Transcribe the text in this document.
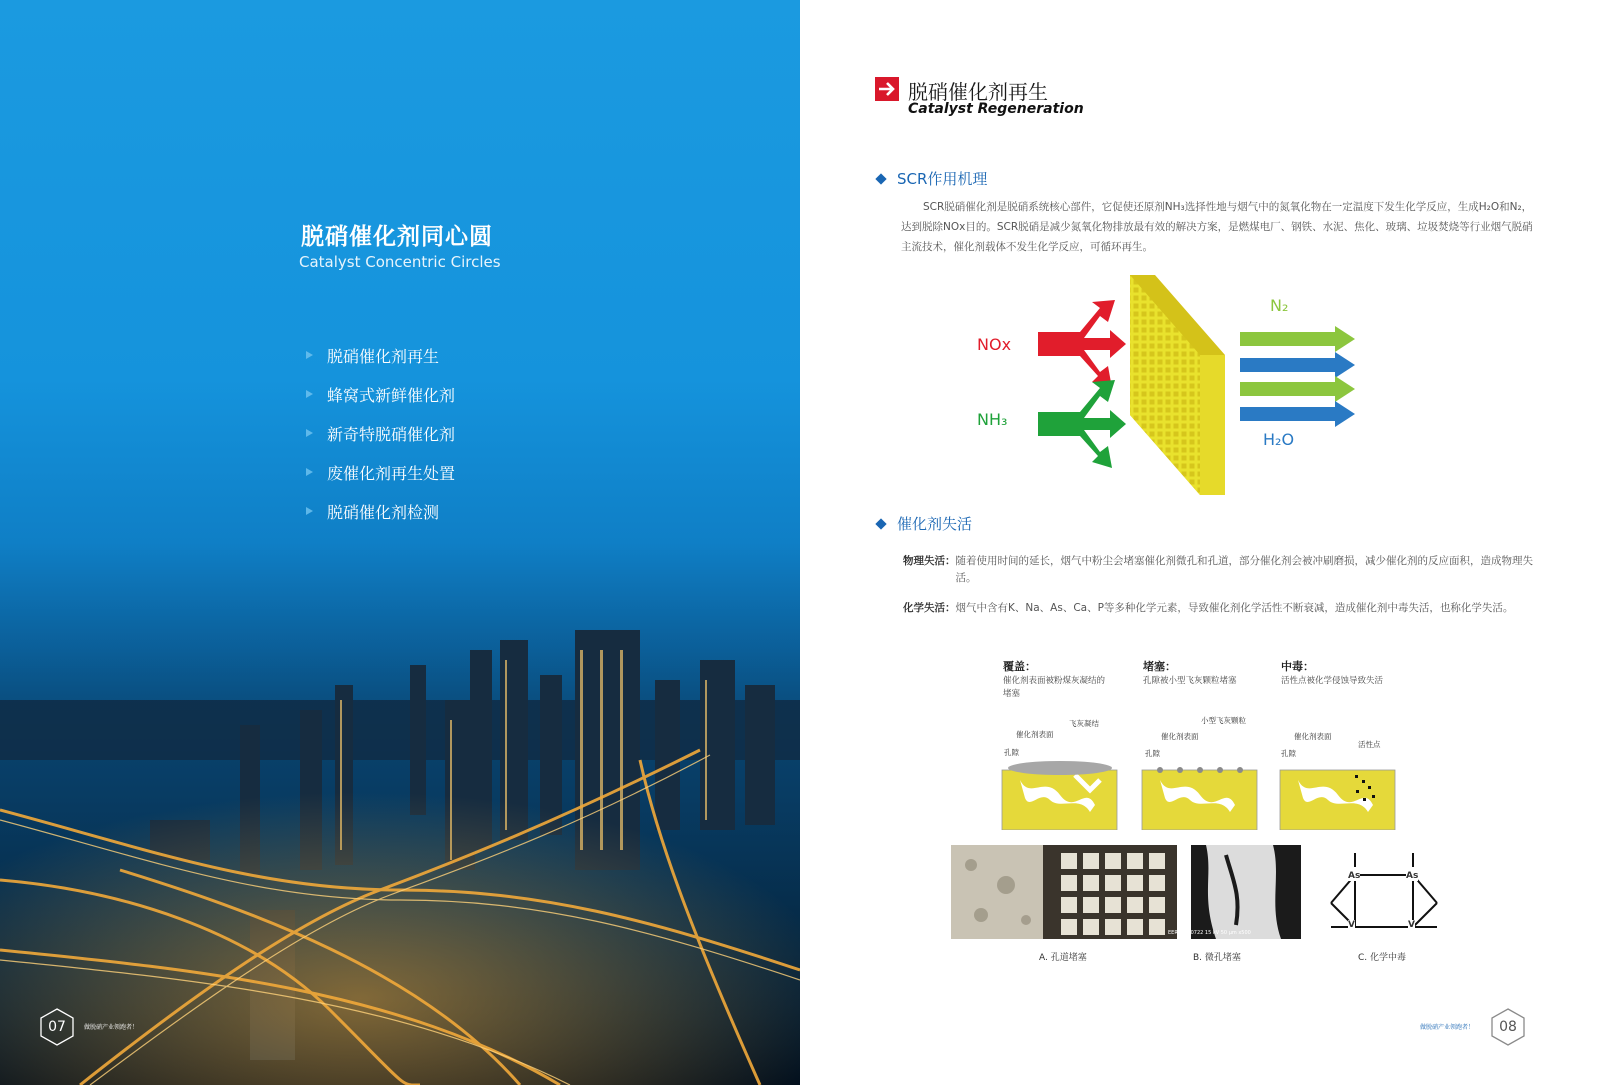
脱硝催化剂同心圆
Catalyst Concentric Circles
脱硝催化剂再生
蜂窝式新鲜催化剂
新奇特脱硝催化剂
废催化剂再生处置
脱硝催化剂检测
07	做脱硝产业领跑者！
脱硝催化剂再生
Catalyst Regeneration
SCR作用机理

SCR脱硝催化剂是脱硝系统核心部件，它促使还原剂NH₃选择性地与烟气中的氮氧化物在一定温度下发生化学反应，生成H₂O和N₂，达到脱除NOx目的。SCR脱硝是减少氮氧化物排放最有效的解决方案，是燃煤电厂、钢铁、水泥、焦化、玻璃、垃圾焚烧等行业烟气脱硝主流技术，催化剂载体不发生化学反应，可循环再生。

NOx
NH₃
N₂
H₂O
催化剂失活
物理失活： 随着使用时间的延长，烟气中粉尘会堵塞催化剂微孔和孔道，部分催化剂会被冲刷磨损，减少催化剂的反应面积，造成物理失活。
化学失活： 烟气中含有K、Na、As、Ca、P等多种化学元素，导致催化剂化学活性不断衰减，造成催化剂中毒失活，也称化学失活。
覆盖：
催化剂表面被粉煤灰凝结的堵塞
堵塞：
孔隙被小型飞灰颗粒堵塞
中毒：
活性点被化学侵蚀导致失活
飞灰凝结
催化剂表面
孔隙
小型飞灰颗粒
催化剂表面
孔隙
催化剂表面
活性点
孔隙
EERC 04 0722 15 kV 50 μm x500
As	As
V	V
A. 孔道堵塞	B. 微孔堵塞	C. 化学中毒
做脱硝产业领跑者！ 08
